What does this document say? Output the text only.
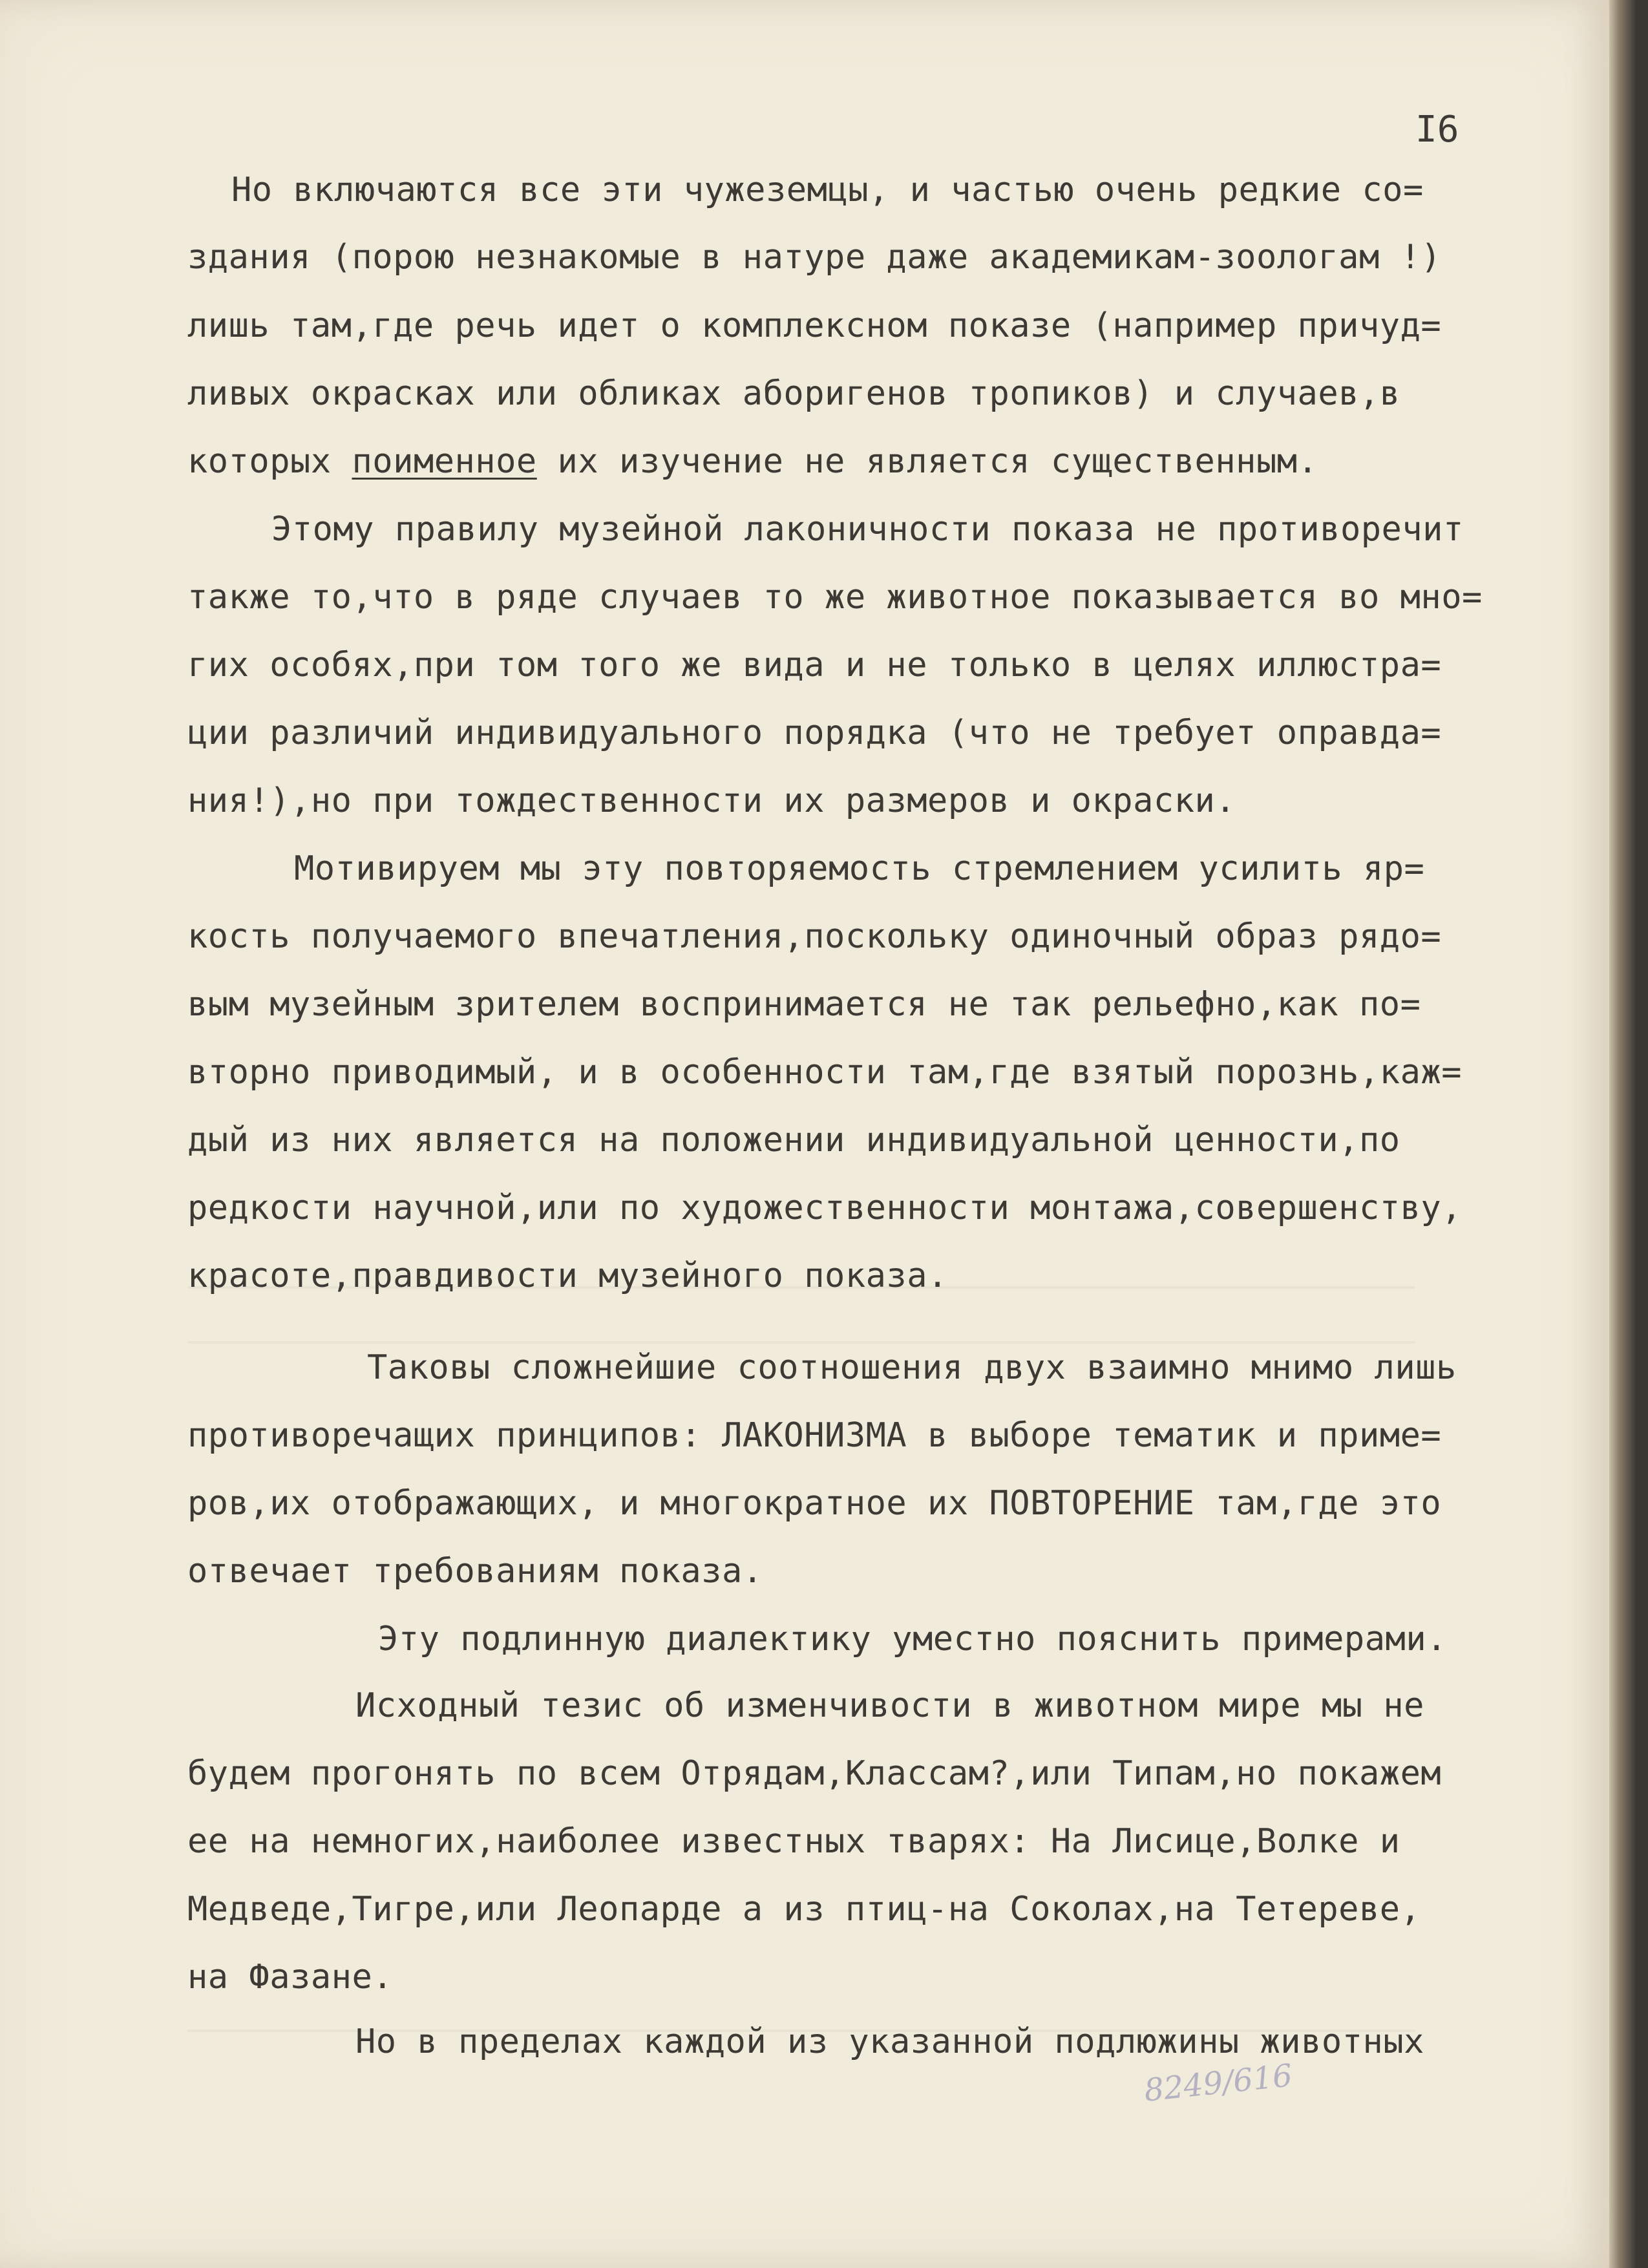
I6
Но включаются все эти чужеземцы, и частью очень редкие со=
здания (порою незнакомые в натуре даже академикам-зоологам !)
лишь там,где речь идет о комплексном показе (например причуд=
ливых окрасках или обликах аборигенов тропиков) и случаев,в
которых поименное их изучение не является существенным.
Этому правилу музейной лаконичности показа не противоречит
также то,что в ряде случаев то же животное показывается во мно=
гих особях,при том того же вида и не только в целях иллюстра=
ции различий индивидуального порядка (что не требует оправда=
ния!),но при тождественности их размеров и окраски.
Мотивируем мы эту повторяемость стремлением усилить яр=
кость получаемого впечатления,поскольку одиночный образ рядо=
вым музейным зрителем воспринимается не так рельефно,как по=
вторно приводимый, и в особенности там,где взятый порознь,каж=
дый из них является на положении индивидуальной ценности,по
редкости научной,или по художественности монтажа,совершенству,
красоте,правдивости музейного показа.
Таковы сложнейшие соотношения двух взаимно мнимо лишь
противоречащих принципов: ЛАКОНИЗМА в выборе тематик и приме=
ров,их отображающих, и многократное их ПОВТОРЕНИЕ там,где это
отвечает требованиям показа.
Эту подлинную диалектику уместно пояснить примерами.
Исходный тезис об изменчивости в животном мире мы не
будем прогонять по всем Отрядам,Классам?,или Типам,но покажем
ее на немногих,наиболее известных тварях: На Лисице,Волке и
Медведе,Тигре,или Леопарде а из птиц-на Соколах,на Тетереве,
на Фазане.
Но в пределах каждой из указанной подлюжины животных
8249/616
